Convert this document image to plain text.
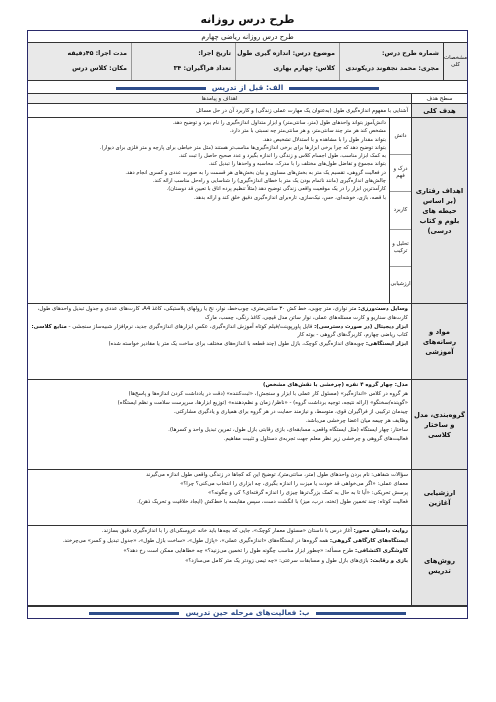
طرح درس روزانه
طرح درس روزانه ریاضی چهارم
مشخصات کلی
شماره طرح درس:
مجری: محمد نجفوند دریکوندی
موضوع درس: اندازه گیری طول
کلاس: چهارم بهاری
تاریخ اجرا:
تعداد فراگیران: ۳۴
مدت اجرا: ۴۵دقیقه
مکان: کلاس درس
الف: قبل از تدریس
سطح هدف
اهداف و پیامدها
هدف کلی
آشنایی با مفهوم اندازه‌گیری طول (به‌عنوان یک مهارت عملی زندگی) و کاربرد آن در حل مسائل
اهداف رفتاری (بر اساس حیطه های بلوم و کتاب درسی)
دانش
درک و فهم
کاربرد
تحلیل و ترکیب
ارزشیابی

دانش‌آموز بتواند واحدهای طول (متر، سانتی‌متر) و ابزار متداول اندازه‌گیری را نام ببرد و توضیح دهد.

مشخص کند هر متر چند سانتی‌متر، و هر سانتی‌متر چه نسبتی با متر دارد.

بتواند مقدار طول را با مشاهده و با استدلال تشخیص دهد.

بتواند توضیح دهد که چرا برخی ابزارها برای برخی اندازه‌گیری‌ها مناسب‌تر هستند (مثل متر خیاطی برای پارچه و متر فلزی برای دیوار).

به کمک ابزار مناسب، طول اجسام کلاس و زندگی را اندازه بگیرد و عدد صحیح حاصل را ثبت کند.

بتواند مجموع و تفاضل طول‌های مختلف را با مدرک، محاسبه و واحدها را تبدیل کند.

در فعالیت گروهی، تقسیم یک متر به بخش‌های مساوی و بیان بخش‌های هر قسمت را به صورت عددی و کسری انجام دهد.

چالش‌های اندازه‌گیری (مانند ناتمام بودن یک متر با خطای اندازه‌گیری) را شناسایی و راه‌حل مناسب ارائه کند.

کارآمدترین ابزار را در یک موقعیت واقعی زندگی توضیح دهد (مثلاً تنظیم پرده اتاق با تعیین قد دوستان).

با قصه، بازی، خوشه‌ای، حس، نیک‌سازی، تاره‌برای اندازه‌گیری دقیق خلق کند و ارائه بدهد.

مواد و رسانه‌های آموزشی

وسایل دست‌ورزی: متر نواری، متر چوبی، خط کش ۳۰ سانتی‌متری، چوب‌خط، نوار، نخ یا رولهای پلاستیکی، کاغذ A4، کارت‌های عددی و جدول تبدیل واحدهای طول، کارت‌های سناریو و کارت مسئله‌های عملی، نوار ساتن مدل قیچی، کاغذ رنگی، چسب، مارک

ابزار دیجیتال (در صورت دسترسی): فایل پاورپوینت/فیلم کوتاه آموزش اندازه‌گیری، عکس ابزارهای اندازه‌گیری جدید، نرم‌افزار شبیه‌ساز سنجشی - منابع کلاسی: کتاب ریاضی چهارم، کاربرگ‌های گروهی - بوته کار

ابزار ایستگاهی: چوبه‌های اندازه‌گیری کوچک، بازل طول (چند قطعه با اندازه‌های مختلف برای ساخت یک متر یا مقادیر خواسته شده)

گروه‌بندی، مدل و ساختار کلاسی

مدل: چهار گروه ۴ نفره (چرخشی با نقش‌های مشخص)

هر گروه در کلاس «اندازه‌گیر» (مسئول کار عملی با ابزار و سنجش)، «ثبت‌کننده» (دقت در یادداشت کردن اندازه‌ها و پاسخ‌ها)

«گوینده/سخنگو» (ارائه نتیجه، توجیه برداشت گروه) - «ناظر/ زمان و نظم‌دهنده» (توزیع ابزارها، سرپرست سلامت و نظم ایستگاه)

چیدمان ترکیبی از فراگیران قوی، متوسط، و نیازمند حمایت در هر گروه برای همیاری و یادگیری مشارکتی.

وظایف هر چیمه میان اعضا چرخشی می‌باشد.

ساختار: چهار ایستگاه (مثل ایستگاه واقعی، مسابقه‌ای، بازی رقابتی بازل طول، تمرین تبدیل واحد و کسرها).

فعالیت‌های گروهی و چرخشی زیر نظر معلم جهت تجربه‌ی دستاول و تثبیت مفاهیم.

ارزشیابی آغازین

سؤالات شفاهی: نام بردن واحدهای طول (متر، سانتی‌متر)، توضیح این که کجاها در زندگی واقعی طول اندازه می‌گیرند

معمای عملی: «اگر می‌خواهی قد خودت یا میزت را اندازه بگیری، چه ابزاری را انتخاب می‌کنی؟ چرا؟»

پرسش تحریکی: «آیا تا به حال به کمک بزرگ‌ترها چیزی را اندازه گرفته‌ای؟ کی و چگونه؟»

فعالیت کوتاه: چند تخمین طول (تخته، درب، میز) با انگشت دست، سپس مقایسه با خط‌کش (ایجاد خلاقیت و تحریک ذهن).

روش‌های تدریس

روایت داستان محور: آغاز درس با داستان «مسئول معمار کوچک»، جایی که بچه‌ها باید خانه عروسکی‌ای را با اندازه‌گیری دقیق بسازند.

ایستگاه‌های کارگاهی گروهی: همه گروه‌ها در ایستگاه‌های «اندازه‌گیری عملی»، «پازل طول»، «ساخت بازل طول»، «جدول تبدیل و کسر» می‌چرخند.

کاوشگری اکتشافی: طرح مسأله: «چطور ابزار مناسب چگونه طول را تخمین می‌زنید؟» چه خطاهایی ممکن است رخ دهد؟»

بازی و رقابت: بازی‌های بازل طول و مسابقات سرعتی: «چه تیمی زودتر یک متر کامل می‌سازد؟»

ب: فعالیت‌های مرحله حین تدریس
